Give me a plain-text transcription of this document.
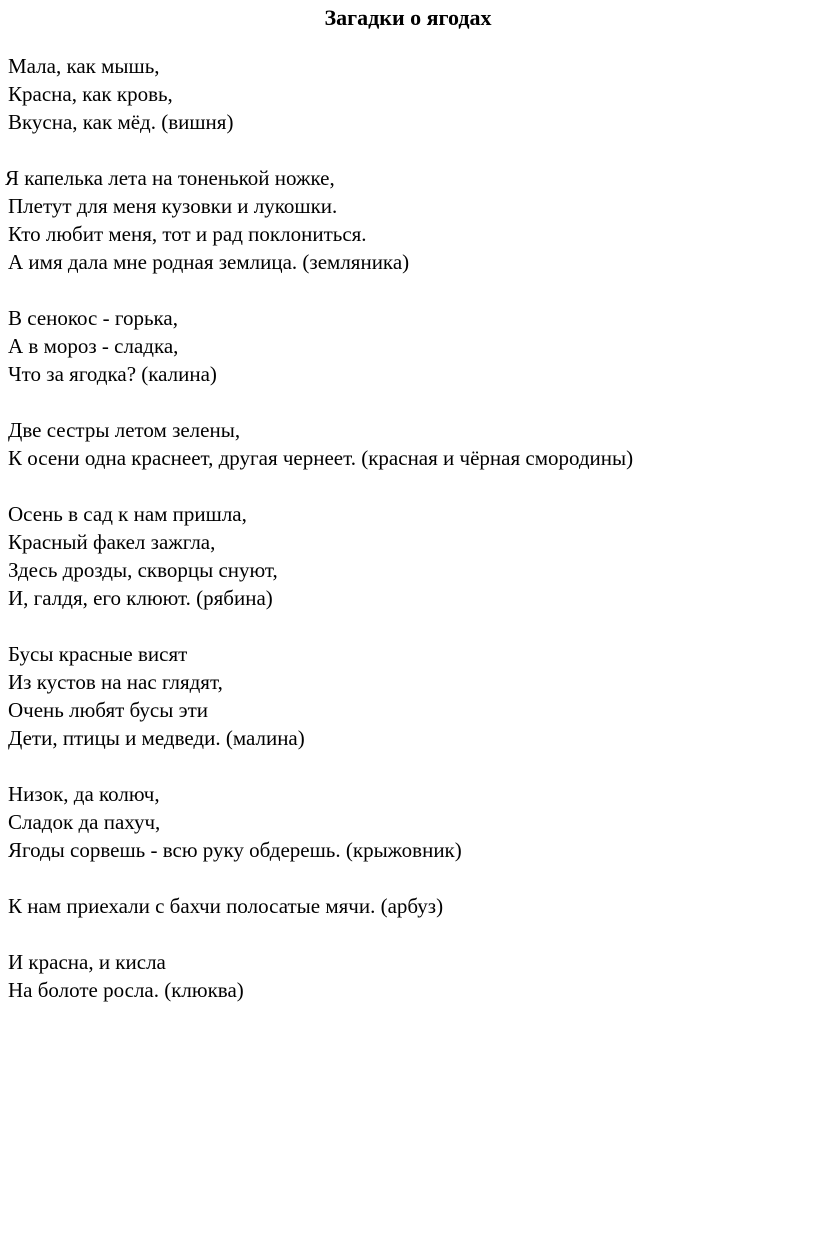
Загадки о ягодах
Мала, как мышь,
Красна, как кровь,
Вкусна, как мёд. (вишня)
Я капелька лета на тоненькой ножке,
Плетут для меня кузовки и лукошки.
Кто любит меня, тот и рад поклониться.
А имя дала мне родная землица. (земляника)
В сенокос - горька,
А в мороз - сладка,
Что за ягодка? (калина)
Две сестры летом зелены,
К осени одна краснеет, другая чернеет. (красная и чёрная смородины)
Осень в сад к нам пришла,
Красный факел зажгла,
Здесь дрозды, скворцы снуют,
И, галдя, его клюют. (рябина)
Бусы красные висят
Из кустов на нас глядят,
Очень любят бусы эти
Дети, птицы и медведи. (малина)
Низок, да колюч,
Сладок да пахуч,
Ягоды сорвешь - всю руку обдерешь. (крыжовник)
К нам приехали с бахчи полосатые мячи. (арбуз)
И красна, и кисла
На болоте росла. (клюква)
